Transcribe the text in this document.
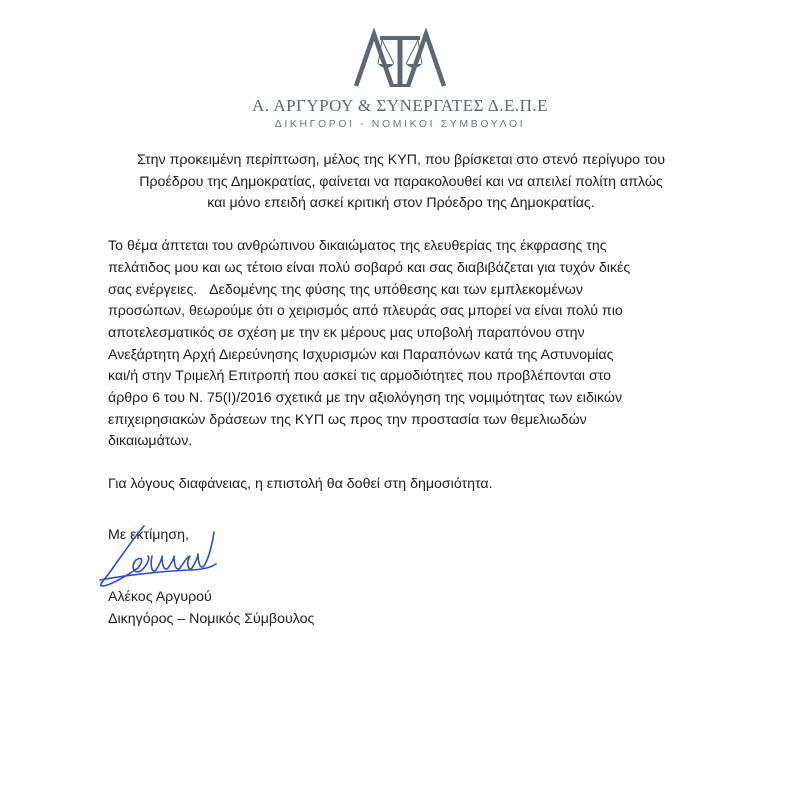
Α. ΑΡΓΥΡΟΥ & ΣΥΝΕΡΓΑΤΕΣ Δ.Ε.Π.Ε
ΔΙΚΗΓΟΡΟΙ - ΝΟΜΙΚΟΙ ΣΥΜΒΟΥΛΟΙ

Στην προκειμένη περίπτωση, μέλος της ΚΥΠ, που βρίσκεται στο στενό περίγυρο του
Προέδρου της Δημοκρατίας, φαίνεται να παρακολουθεί και να απειλεί πολίτη απλώς
και μόνο επειδή ασκεί κριτική στον Πρόεδρο της Δημοκρατίας.

Το θέμα άπτεται του ανθρώπινου δικαιώματος της ελευθερίας της έκφρασης της
πελάτιδος μου και ως τέτοιο είναι πολύ σοβαρό και σας διαβιβάζεται για τυχόν δικές
σας ενέργειες. Δεδομένης της φύσης της υπόθεσης και των εμπλεκομένων
προσώπων, θεωρούμε ότι ο χειρισμός από πλευράς σας μπορεί να είναι πολύ πιο
αποτελεσματικός σε σχέση με την εκ μέρους μας υποβολή παραπόνου στην
Ανεξάρτητη Αρχή Διερεύνησης Ισχυρισμών και Παραπόνων κατά της Αστυνομίας
και/ή στην Τριμελή Επιτροπή που ασκεί τις αρμοδιότητες που προβλέπονται στο
άρθρο 6 του Ν. 75(Ι)/2016 σχετικά με την αξιολόγηση της νομιμότητας των ειδικών
επιχειρησιακών δράσεων της ΚΥΠ ως προς την προστασία των θεμελιωδών
δικαιωμάτων.

Για λόγους διαφάνειας, η επιστολή θα δοθεί στη δημοσιότητα.

Με εκτίμηση,
Αλέκος Αργυρού
Δικηγόρος – Νομικός Σύμβουλος
